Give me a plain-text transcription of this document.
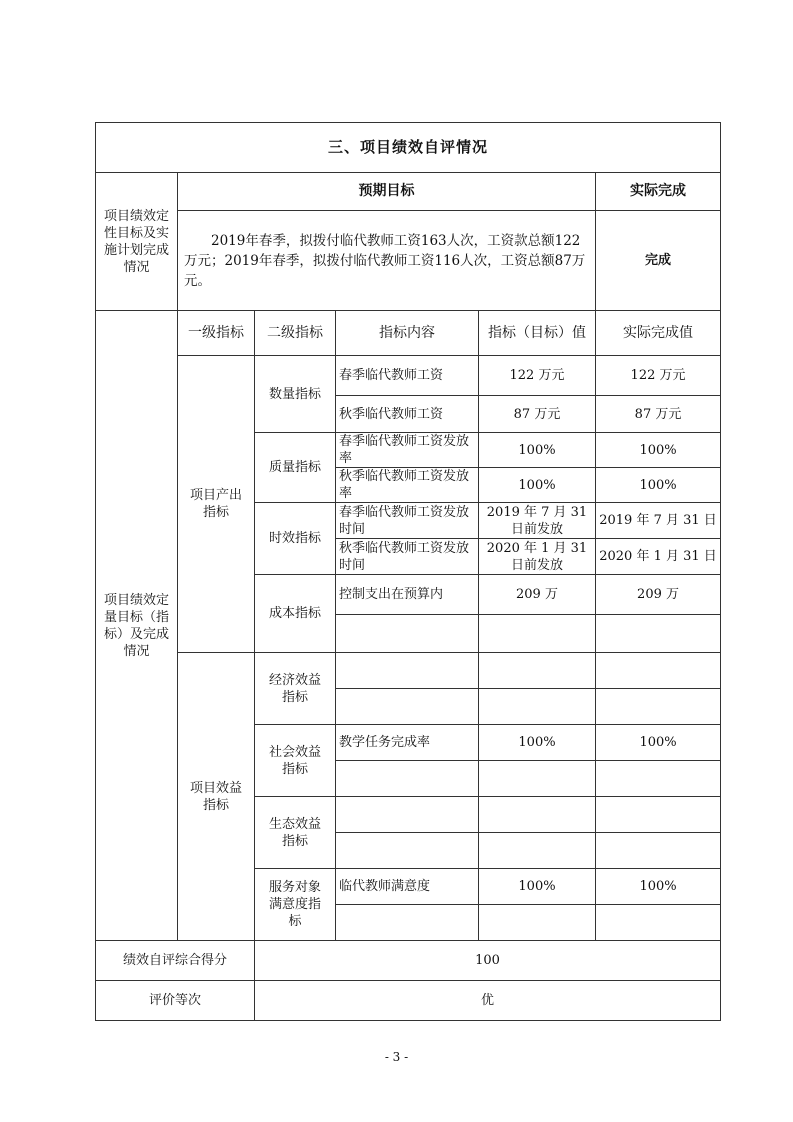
三、项目绩效自评情况					
项目绩效定性目标及实施计划完成情况	预期目标				实际完成
	2019年春季，拟拨付临代教师工资163人次，工资款总额122万元；2019年春季，拟拨付临代教师工资116人次，工资总额87万元。				完成
项目绩效定量目标（指标）及完成情况	一级指标	二级指标	指标内容	指标（目标）值	实际完成值
	项目产出指标	数量指标	春季临代教师工资	122 万元	122 万元
			秋季临代教师工资	87 万元	87 万元
		质量指标	春季临代教师工资发放率	100%	100%
			秋季临代教师工资发放率	100%	100%
		时效指标	春季临代教师工资发放时间	2019 年 7 月 31 日前发放	2019 年 7 月 31 日
			秋季临代教师工资发放时间	2020 年 1 月 31 日前发放	2020 年 1 月 31 日
		成本指标	控制支出在预算内	209 万	209 万

	项目效益指标	经济效益指标			

		社会效益指标	教学任务完成率	100%	100%

		生态效益指标			

		服务对象满意度指标	临代教师满意度	100%	100%

绩效自评综合得分		100			
评价等次		优			
- 3 -
